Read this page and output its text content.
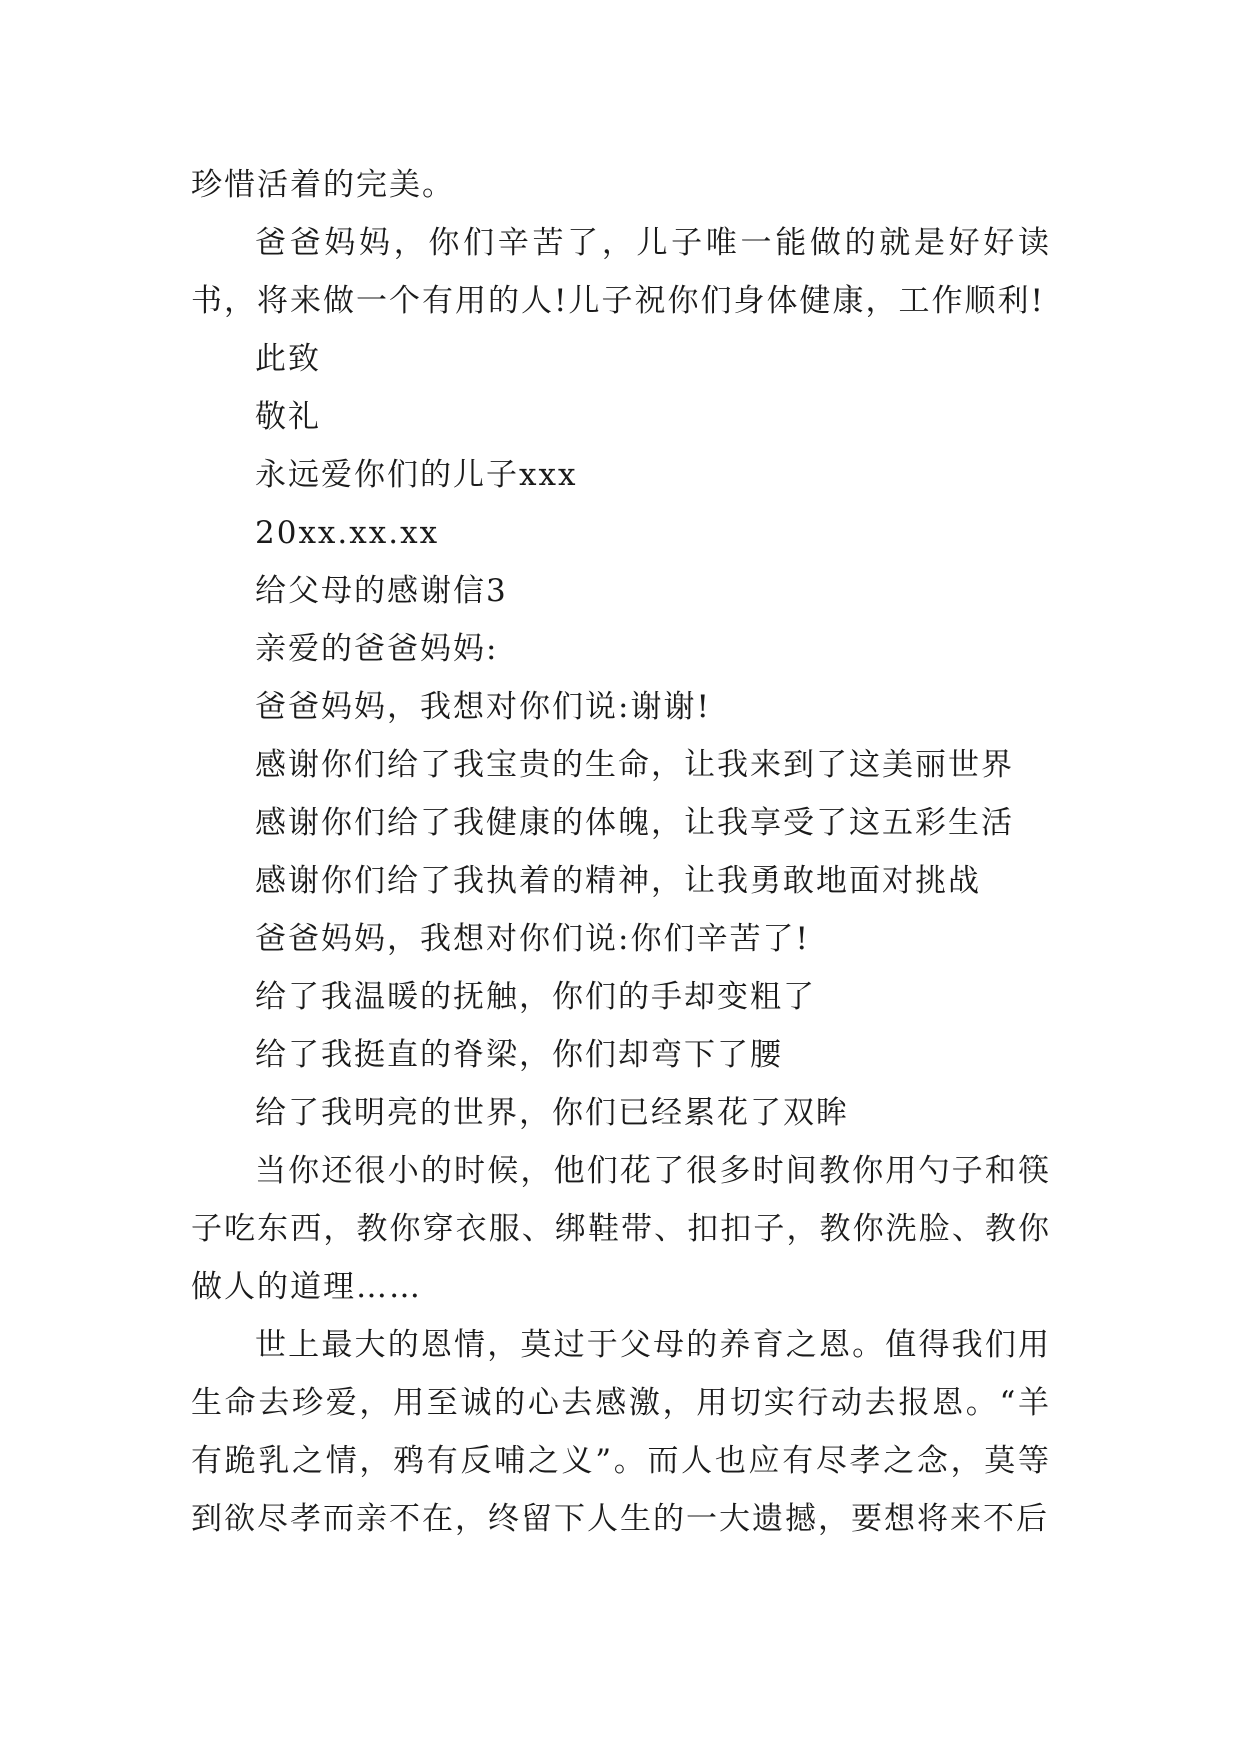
珍惜活着的完美。

爸爸妈妈，你们辛苦了，儿子唯一能做的就是好好读书，将来做一个有用的人!儿子祝你们身体健康，工作顺利!

此致

敬礼

永远爱你们的儿子xxx

20xx.xx.xx

给父母的感谢信3

亲爱的爸爸妈妈:

爸爸妈妈，我想对你们说:谢谢!

感谢你们给了我宝贵的生命，让我来到了这美丽世界

感谢你们给了我健康的体魄，让我享受了这五彩生活

感谢你们给了我执着的精神，让我勇敢地面对挑战

爸爸妈妈，我想对你们说:你们辛苦了!

给了我温暖的抚触，你们的手却变粗了

给了我挺直的脊梁，你们却弯下了腰

给了我明亮的世界，你们已经累花了双眸

当你还很小的时候，他们花了很多时间教你用勺子和筷子吃东西，教你穿衣服、绑鞋带、扣扣子，教你洗脸、教你做人的道理……

世上最大的恩情，莫过于父母的养育之恩。值得我们用生命去珍爱，用至诚的心去感激，用切实行动去报恩。“羊有跪乳之情，鸦有反哺之义”。而人也应有尽孝之念，莫等到欲尽孝而亲不在，终留下人生的一大遗撼，要想将来不后
